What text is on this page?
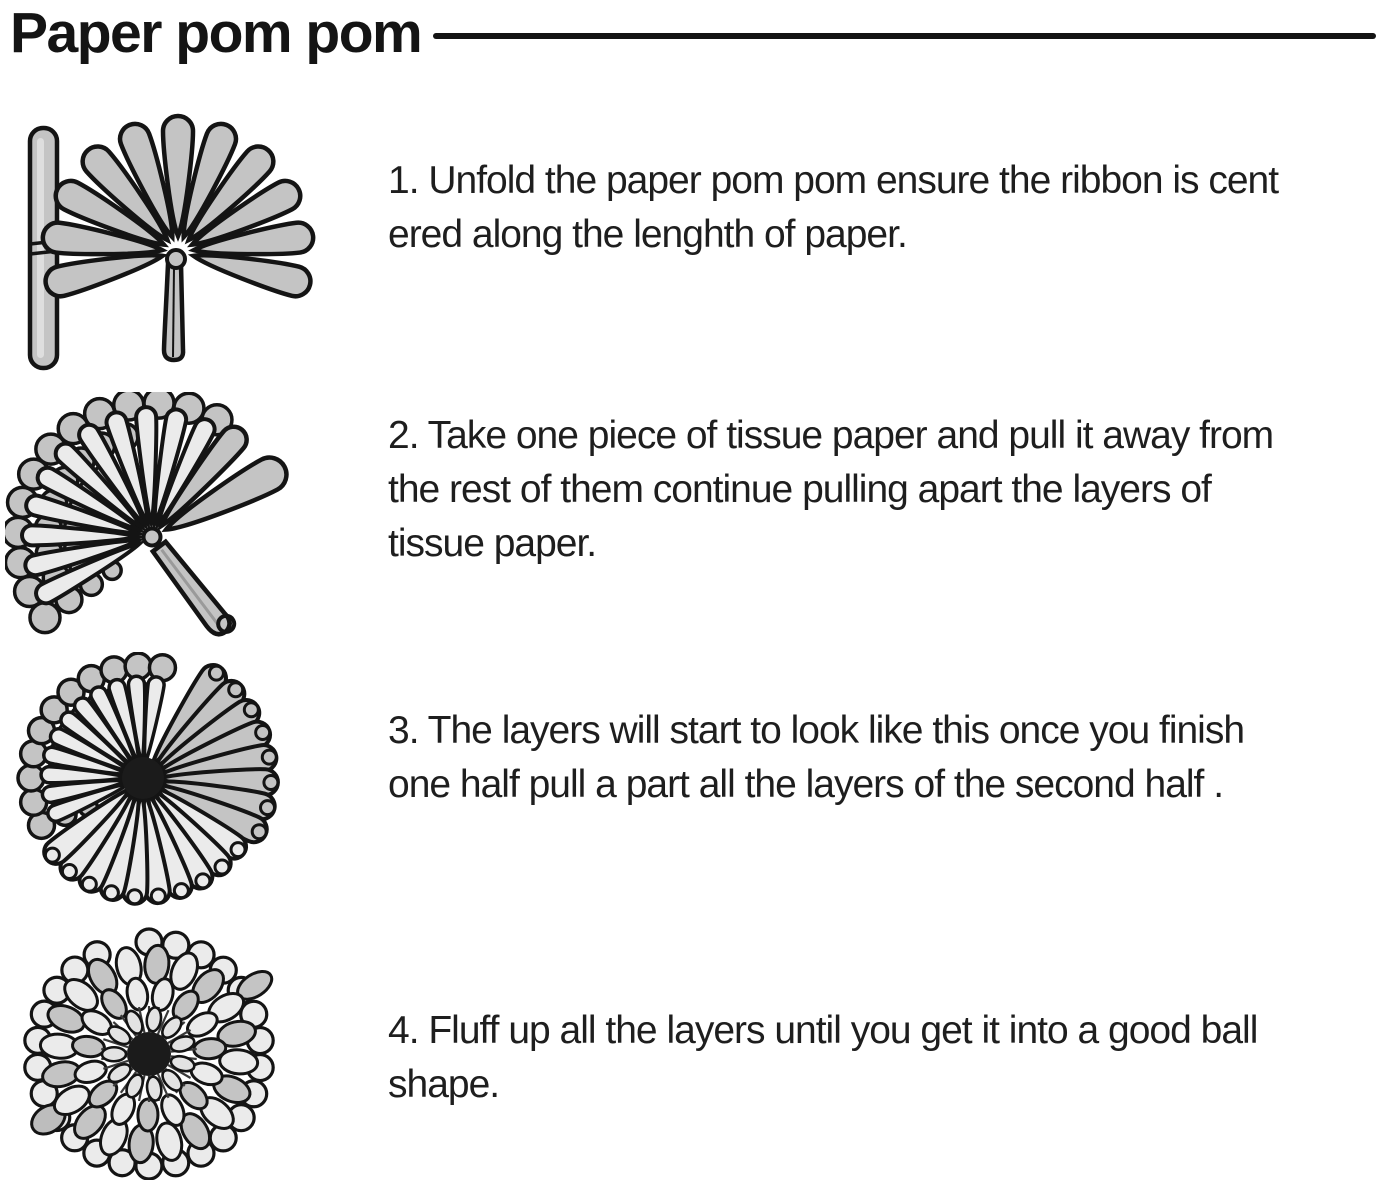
Paper pom pom
1. Unfold the paper pom pom ensure the ribbon is cent
ered along the lenghth of paper.
2. Take one piece of tissue paper and pull it away from
the rest of them continue pulling apart the layers of
tissue paper.
3. The layers will start to look like this once you finish
one half pull a part all the layers of the second half .
4. Fluff up all the layers until you get it into a good ball
shape.
